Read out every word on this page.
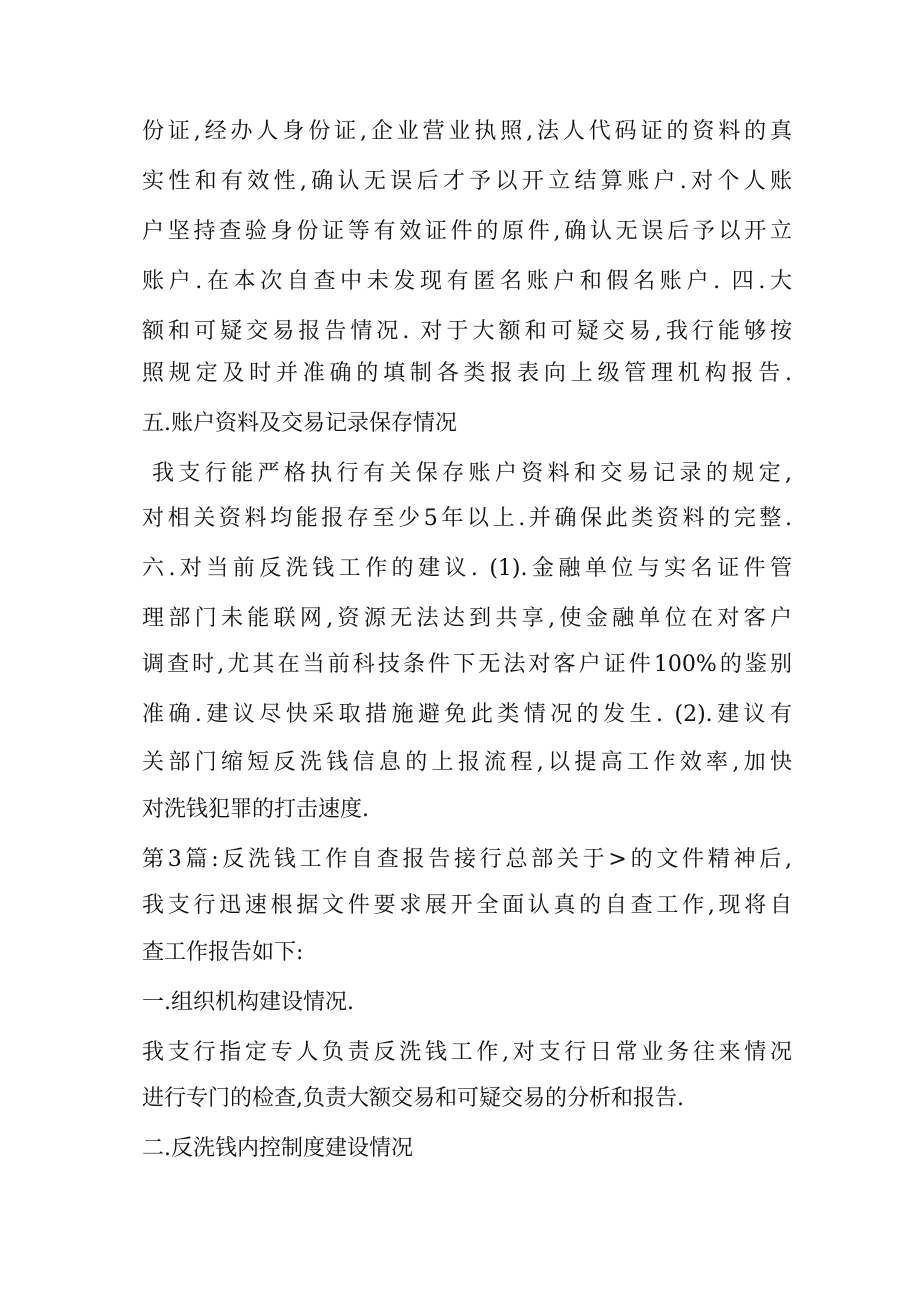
份证,经办人身份证,企业营业执照,法人代码证的资料的真
实性和有效性,确认无误后才予以开立结算账户.对个人账
户坚持查验身份证等有效证件的原件,确认无误后予以开立
账户.在本次自查中未发现有匿名账户和假名账户. 四.大
额和可疑交易报告情况. 对于大额和可疑交易,我行能够按
照规定及时并准确的填制各类报表向上级管理机构报告.
五.账户资料及交易记录保存情况
我支行能严格执行有关保存账户资料和交易记录的规定,
对相关资料均能报存至少5年以上.并确保此类资料的完整.
六.对当前反洗钱工作的建议. (1).金融单位与实名证件管
理部门未能联网,资源无法达到共享,使金融单位在对客户
调查时,尤其在当前科技条件下无法对客户证件100%的鉴别
准确.建议尽快采取措施避免此类情况的发生. (2).建议有
关部门缩短反洗钱信息的上报流程,以提高工作效率,加快
对洗钱犯罪的打击速度.
第3篇:反洗钱工作自查报告接行总部关于>的文件精神后,
我支行迅速根据文件要求展开全面认真的自查工作,现将自
查工作报告如下:
一.组织机构建设情况.
我支行指定专人负责反洗钱工作,对支行日常业务往来情况
进行专门的检查,负责大额交易和可疑交易的分析和报告.
二.反洗钱内控制度建设情况
